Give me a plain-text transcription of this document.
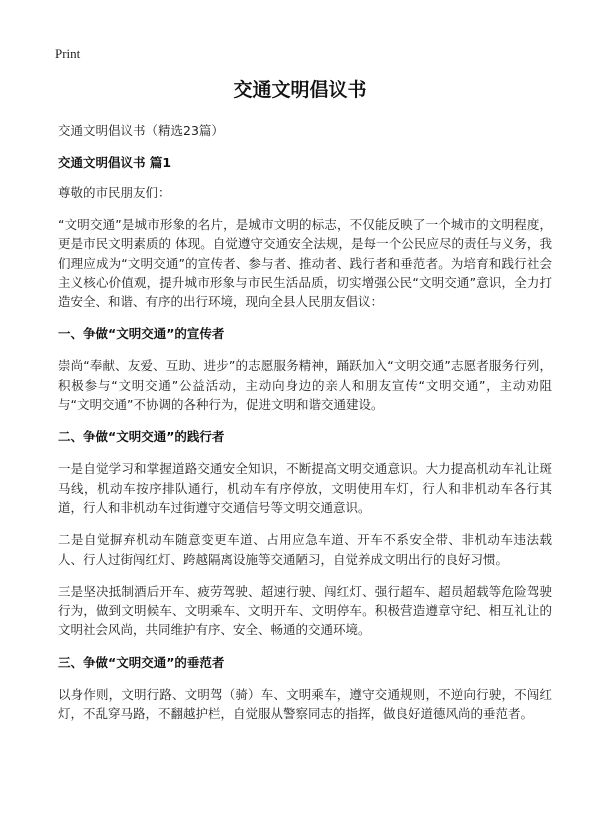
Print
交通文明倡议书

交通文明倡议书（精选23篇）

交通文明倡议书 篇1

尊敬的市民朋友们：

“文明交通”是城市形象的名片，是城市文明的标志，不仅能反映了一个城市的文明程度，更是市民文明素质的 体现。自觉遵守交通安全法规，是每一个公民应尽的责任与义务，我们理应成为“文明交通”的宣传者、参与者、推动者、践行者和垂范者。为培育和践行社会主义核心价值观，提升城市形象与市民生活品质，切实增强公民“文明交通”意识，全力打造安全、和谐、有序的出行环境，现向全县人民朋友倡议：

一、争做“文明交通”的宣传者

崇尚“奉献、友爱、互助、进步”的志愿服务精神，踊跃加入“文明交通”志愿者服务行列，积极参与“文明交通”公益活动，主动向身边的亲人和朋友宣传“文明交通”，主动劝阻与“文明交通”不协调的各种行为，促进文明和谐交通建设。

二、争做“文明交通”的践行者

一是自觉学习和掌握道路交通安全知识，不断提高文明交通意识。大力提高机动车礼让斑马线，机动车按序排队通行，机动车有序停放，文明使用车灯，行人和非机动车各行其道，行人和非机动车过街遵守交通信号等文明交通意识。

二是自觉摒弃机动车随意变更车道、占用应急车道、开车不系安全带、非机动车违法载人、行人过街闯红灯、跨越隔离设施等交通陋习，自觉养成文明出行的良好习惯。

三是坚决抵制酒后开车、疲劳驾驶、超速行驶、闯红灯、强行超车、超员超载等危险驾驶行为，做到文明候车、文明乘车、文明开车、文明停车。积极营造遵章守纪、相互礼让的文明社会风尚，共同维护有序、安全、畅通的交通环境。

三、争做“文明交通”的垂范者

以身作则，文明行路、文明驾（骑）车、文明乘车，遵守交通规则，不逆向行驶，不闯红灯，不乱穿马路，不翻越护栏，自觉服从警察同志的指挥，做良好道德风尚的垂范者。
